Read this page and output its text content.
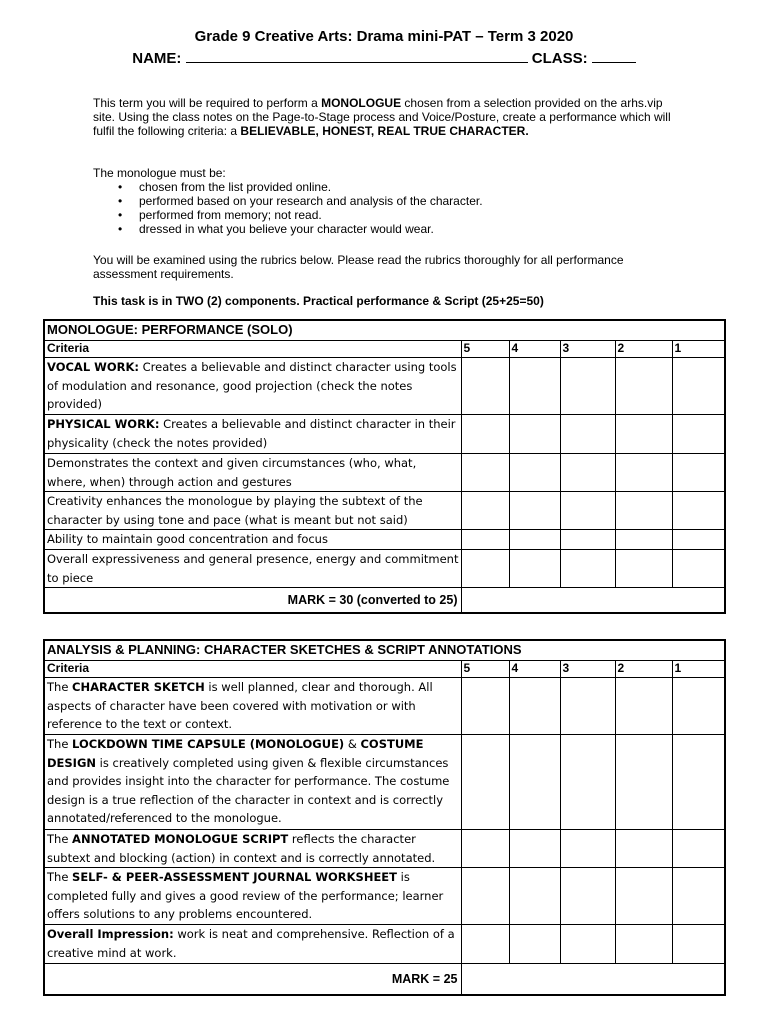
Grade 9 Creative Arts: Drama mini-PAT – Term 3 2020
NAME:	CLASS:

This term you will be required to perform a MONOLOGUE chosen from a selection provided on the arhs.vip site. Using the class notes on the Page-to-Stage process and Voice/Posture, create a performance which will fulfil the following criteria: a BELIEVABLE, HONEST, REAL TRUE CHARACTER.

The monologue must be:

• chosen from the list provided online.
• performed based on your research and analysis of the character.
• performed from memory; not read.
• dressed in what you believe your character would wear.

You will be examined using the rubrics below. Please read the rubrics thoroughly for all performance assessment requirements.

This task is in TWO (2) components. Practical performance & Script (25+25=50)

MONOLOGUE: PERFORMANCE (SOLO)					
Criteria	5	4	3	2	1
VOCAL WORK: Creates a believable and distinct character using tools of modulation and resonance, good projection (check the notes provided)					
PHYSICAL WORK: Creates a believable and distinct character in their physicality (check the notes provided)					
Demonstrates the context and given circumstances (who, what, where, when) through action and gestures					
Creativity enhances the monologue by playing the subtext of the character by using tone and pace (what is meant but not said)					
Ability to maintain good concentration and focus					
Overall expressiveness and general presence, energy and commitment to piece					
MARK = 30 (converted to 25)					
ANALYSIS & PLANNING: CHARACTER SKETCHES & SCRIPT ANNOTATIONS					
Criteria	5	4	3	2	1
The CHARACTER SKETCH is well planned, clear and thorough. All aspects of character have been covered with motivation or with reference to the text or context.					
The LOCKDOWN TIME CAPSULE (MONOLOGUE) & COSTUME DESIGN is creatively completed using given & flexible circumstances and provides insight into the character for performance. The costume design is a true reflection of the character in context and is correctly annotated/referenced to the monologue.					
The ANNOTATED MONOLOGUE SCRIPT reflects the character subtext and blocking (action) in context and is correctly annotated.					
The SELF- & PEER-ASSESSMENT JOURNAL WORKSHEET is completed fully and gives a good review of the performance; learner offers solutions to any problems encountered.					
Overall Impression: work is neat and comprehensive. Reflection of a creative mind at work.					
MARK = 25					
